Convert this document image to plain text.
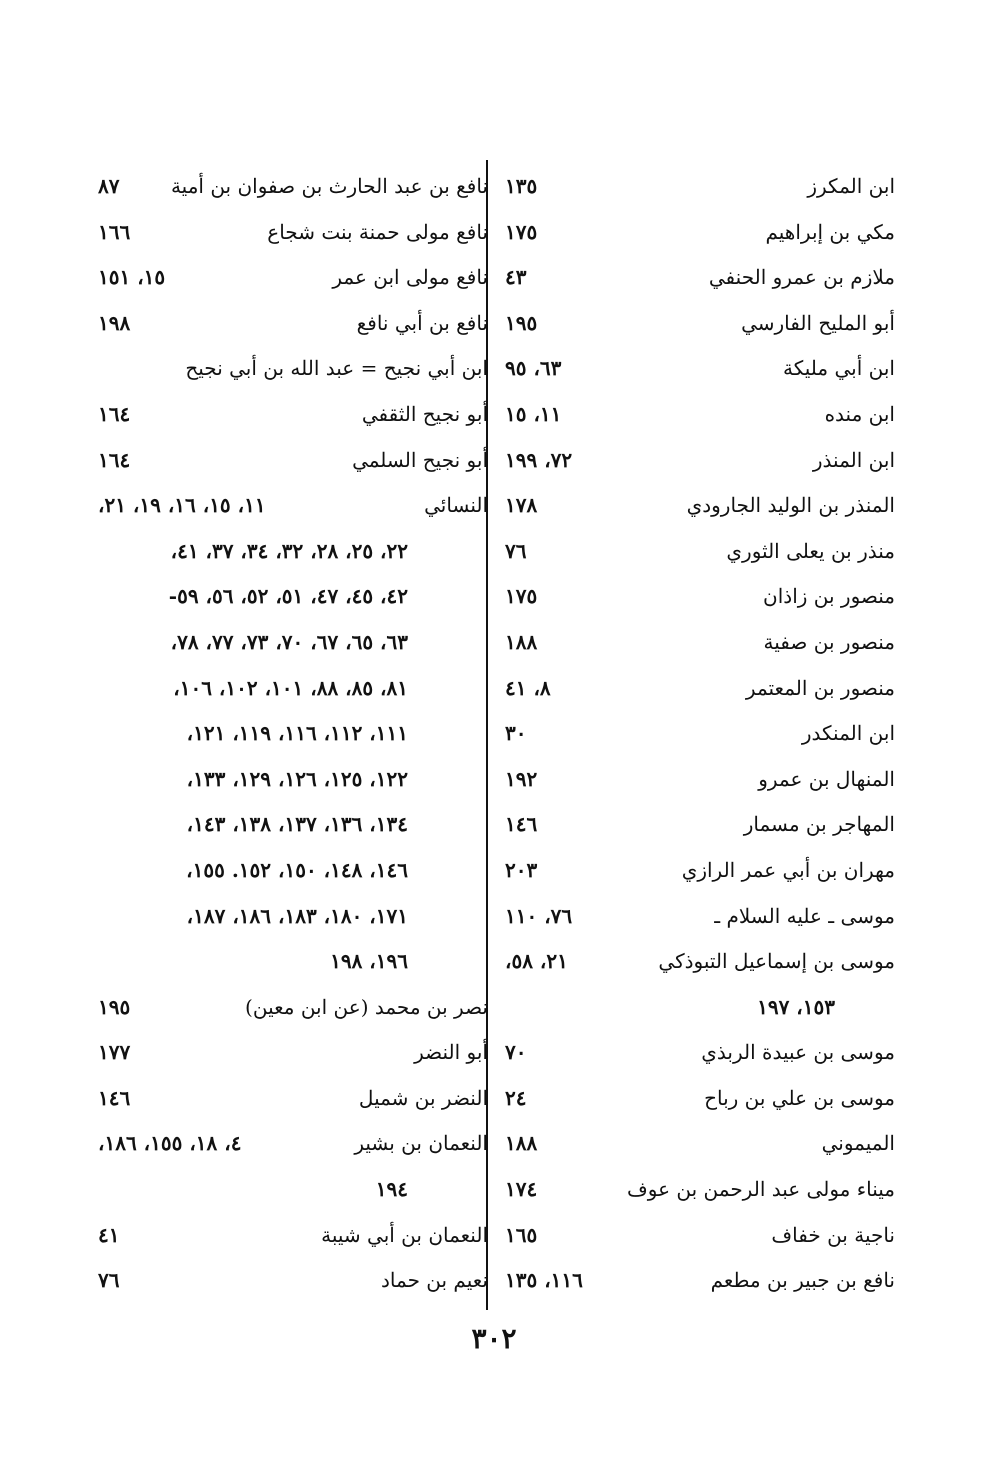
ابن المكرز
١٣٥
مكي بن إبراهيم
١٧٥
ملازم بن عمرو الحنفي
٤٣
أبو المليح الفارسي
١٩٥
ابن أبي مليكة
٦٣، ٩٥
ابن منده
١١، ١٥
ابن المنذر
٧٢، ١٩٩
المنذر بن الوليد الجارودي
١٧٨
منذر بن يعلى الثوري
٧٦
منصور بن زاذان
١٧٥
منصور بن صفية
١٨٨
منصور بن المعتمر
٨، ٤١
ابن المنكدر
٣٠
المنهال بن عمرو
١٩٢
المهاجر بن مسمار
١٤٦
مهران بن أبي عمر الرازي
٢٠٣
موسى ـ عليه السلام ـ
٧٦، ١١٠
موسى بن إسماعيل التبوذكي
٢١، ٥٨،
١٥٣، ١٩٧
موسى بن عبيدة الربذي
٧٠
موسى بن علي بن رباح
٢٤
الميموني
١٨٨
ميناء مولى عبد الرحمن بن عوف
١٧٤
ناجية بن خفاف
١٦٥
نافع بن جبير بن مطعم
١١٦، ١٣٥
نافع بن عبد الحارث بن صفوان بن أمية
٨٧
نافع مولى حمنة بنت شجاع
١٦٦
نافع مولى ابن عمر
١٥، ١٥١
نافع بن أبي نافع
١٩٨
ابن أبي نجيح = عبد الله بن أبي نجيح
أبو نجيح الثقفي
١٦٤
أبو نجيح السلمي
١٦٤
النسائي
١١، ١٥، ١٦، ١٩، ٢١،
٢٢، ٢٥، ٢٨، ٣٢، ٣٤، ٣٧، ٤١،
٤٢، ٤٥، ٤٧، ٥١، ٥٢، ٥٦، ٥٩-
٦٣، ٦٥، ٦٧، ٧٠، ٧٣، ٧٧، ٧٨،
٨١، ٨٥، ٨٨، ١٠١، ١٠٢، ١٠٦،
١١١، ١١٢، ١١٦، ١١٩، ١٢١،
١٢٢، ١٢٥، ١٢٦، ١٢٩، ١٣٣،
١٣٤، ١٣٦، ١٣٧، ١٣٨، ١٤٣،
١٤٦، ١٤٨، ١٥٠، ١٥٢. ١٥٥،
١٧١، ١٨٠، ١٨٣، ١٨٦، ١٨٧،
١٩٦، ١٩٨
نصر بن محمد (عن ابن معين)
١٩٥
أبو النضر
١٧٧
النضر بن شميل
١٤٦
النعمان بن بشير
٤، ١٨، ١٥٥، ١٨٦،
١٩٤
النعمان بن أبي شيبة
٤١
نعيم بن حماد
٧٦
٣٠٢
